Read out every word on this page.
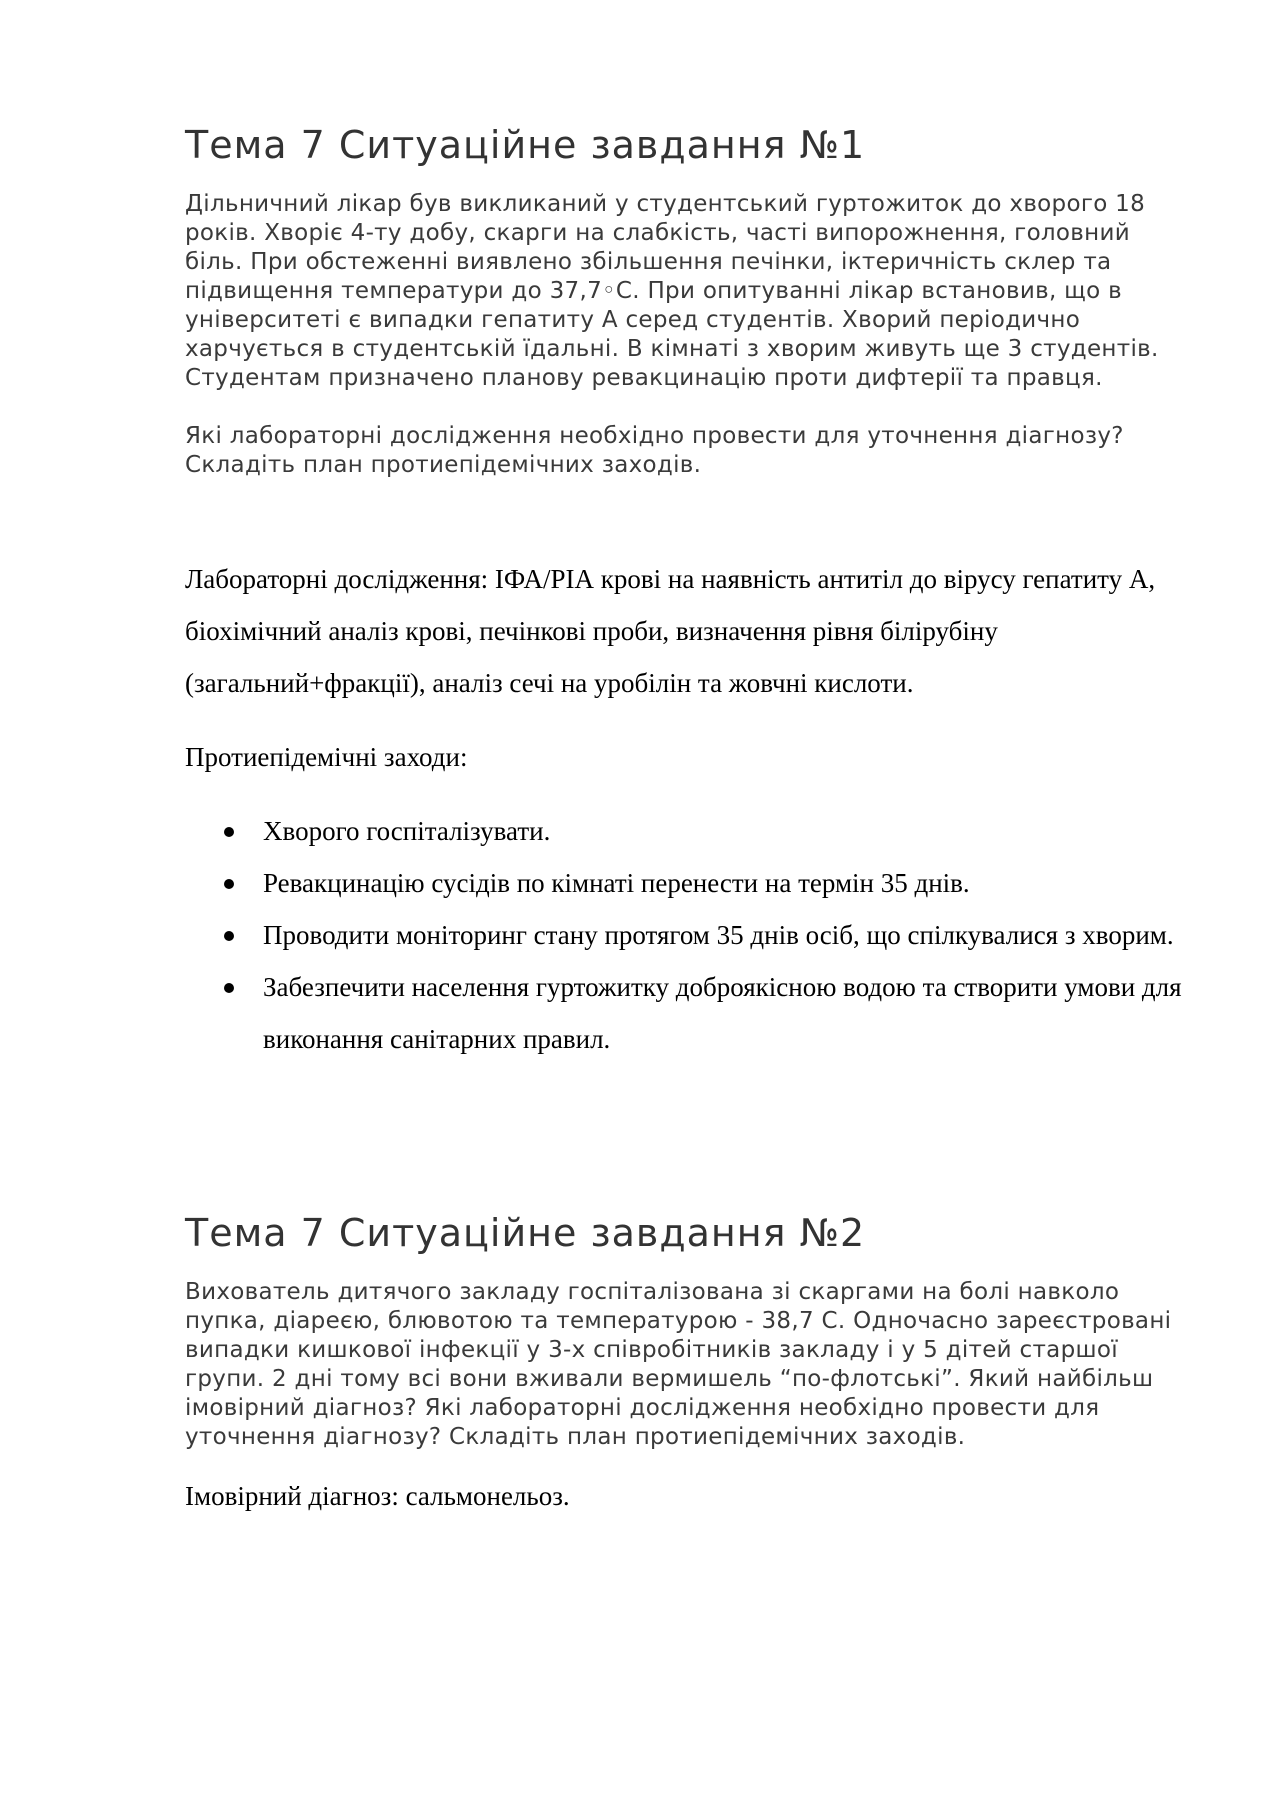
Тема 7 Ситуаційне завдання №1

Дільничний лікар був викликаний у студентський гуртожиток до хворого 18 років. Хворіє 4-ту добу, скарги на слабкість, часті випорожнення, головний біль. При обстеженні виявлено збільшення печінки, іктеричність склер та підвищення температури до 37,7◦С. При опитуванні лікар встановив, що в університеті є випадки гепатиту А серед студентів. Хворий періодично харчується в студентській їдальні. В кімнаті з хворим живуть ще 3 студентів. Студентам призначено планову ревакцинацію проти дифтерії та правця.

Які лабораторні дослідження необхідно провести для уточнення діагнозу? Складіть план протиепідемічних заходів.

Лабораторні дослідження: ІФА/РІА крові на наявність антитіл до вірусу гепатиту А, біохімічний аналіз крові, печінкові проби, визначення рівня білірубіну (загальний+фракції), аналіз сечі на уробілін та жовчні кислоти.

Протиепідемічні заходи:

Хворого госпіталізувати.
Ревакцинацію сусідів по кімнаті перенести на термін 35 днів.
Проводити моніторинг стану протягом 35 днів осіб, що спілкувалися з хворим.
Забезпечити населення гуртожитку доброякісною водою та створити умови для виконання санітарних правил.
Тема 7 Ситуаційне завдання №2

Вихователь дитячого закладу госпіталізована зі скаргами на болі навколо пупка, діареєю, блювотою та температурою - 38,7 С. Одночасно зареєстровані випадки кишкової інфекції у 3-х співробітників закладу і у 5 дітей старшої групи. 2 дні тому всі вони вживали вермишель “по-флотські”. Який найбільш імовірний діагноз? Які лабораторні дослідження необхідно провести для уточнення діагнозу? Складіть план протиепідемічних заходів.

Імовірний діагноз: сальмонельоз.
